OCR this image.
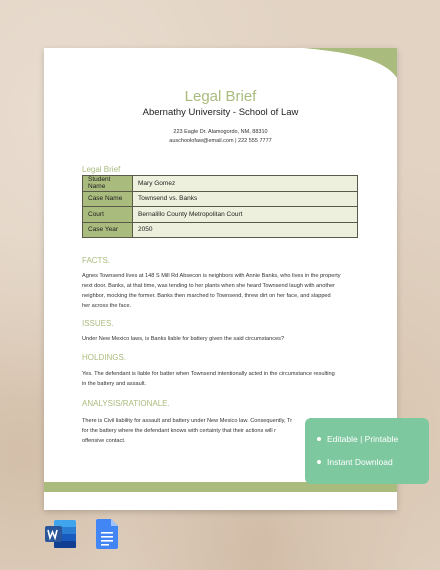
Legal Brief
Abernathy University - School of Law
223 Eagle Dr. Alamogordo, NM, 88310
auschoolofaw@email.com | 222 555 7777
Legal Brief
Student Name	Mary Gomez
Case Name	Townsend vs. Banks
Court	Bernalillo County Metropolitan Court
Case Year	2050
FACTS.
Agnes Townsend lives at 148 S Mill Rd Absecon is neighbors with Annie Banks, who lives in the property
next door. Banks, at that time, was tending to her plants when she heard Townsend laugh with another
neighbor, mocking the former. Banks then marched to Townsend, threw dirt on her face, and slapped
her across the face.
ISSUES.
Under New Mexico laws, is Banks liable for battery given the said circumstances?
HOLDINGS.
Yes. The defendant is liable for batter when Townsend intentionally acted in the circumstance resulting
in the battery and assault.
ANALYSIS/RATIONALE.
There is Civil liability for assault and battery under New Mexico law. Consequently, Tr
for the battery where the defendant knows with certainty that their actions will r
offensive contact.	Editable | Printable
Instant Download
